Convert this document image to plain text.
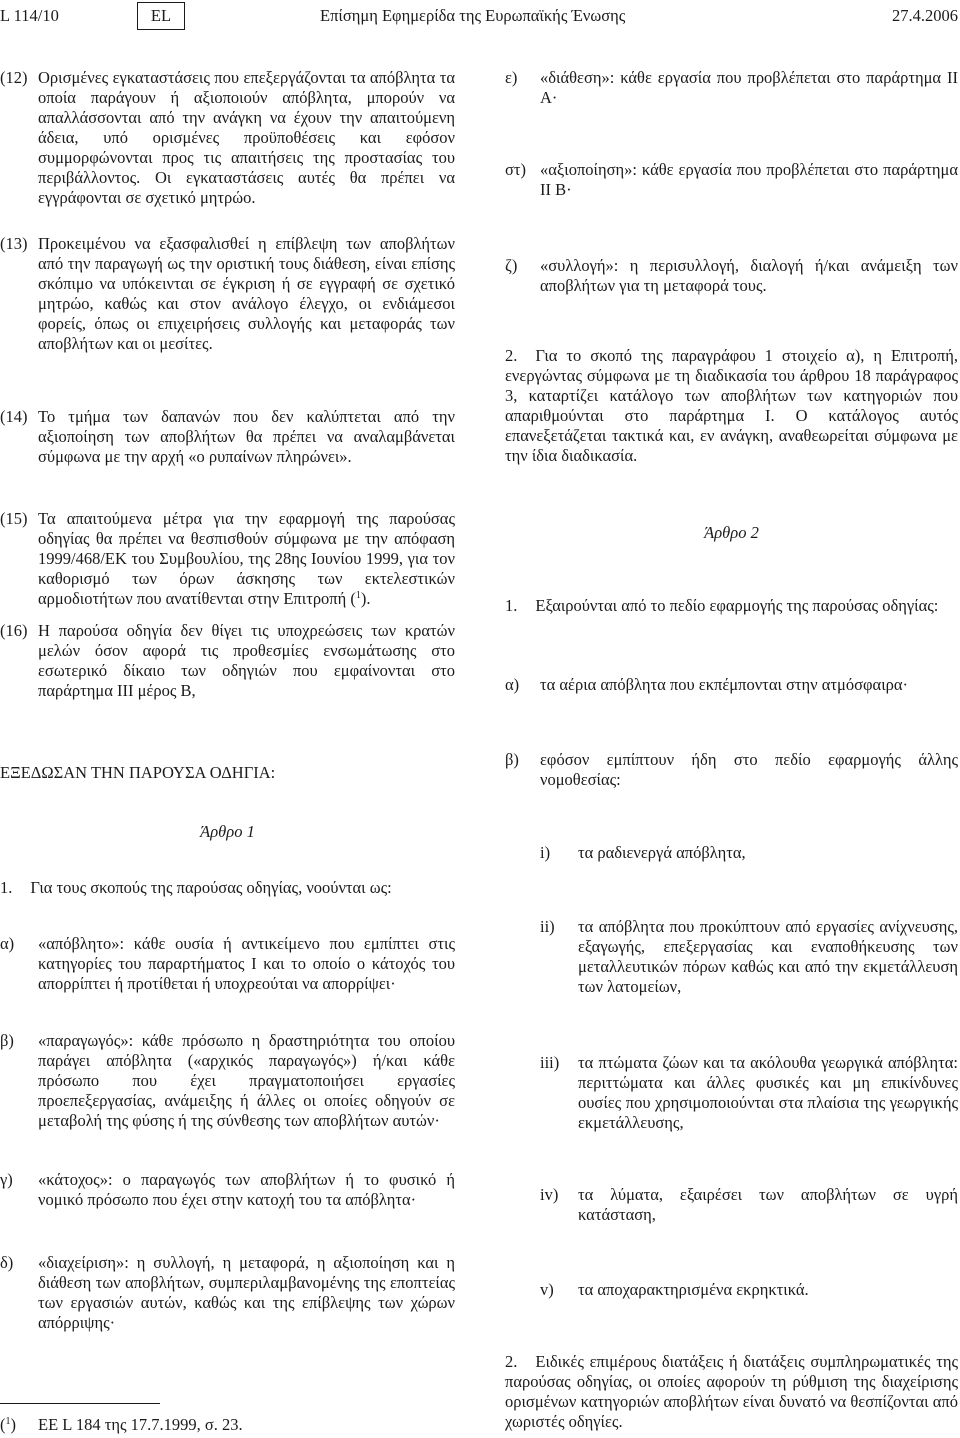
L 114/10	EL	Επίσημη Εφημερίδα της Ευρωπαϊκής Ένωσης	27.4.2006
(12) Ορισμένες εγκαταστάσεις που επεξεργάζονται τα απόβλητα τα οποία παράγουν ή αξιοποιούν απόβλητα, μπορούν να απαλλάσσονται από την ανάγκη να έχουν την απαιτούμενη άδεια, υπό ορισμένες προϋποθέσεις και εφόσον συμμορφώνονται προς τις απαιτήσεις της προστασίας του περιβάλλοντος. Οι εγκαταστάσεις αυτές θα πρέπει να εγγράφονται σε σχετικό μητρώο.
(13) Προκειμένου να εξασφαλισθεί η επίβλεψη των αποβλήτων από την παραγωγή ως την οριστική τους διάθεση, είναι επίσης σκόπιμο να υπόκεινται σε έγκριση ή σε εγγραφή σε σχετικό μητρώο, καθώς και στον ανάλογο έλεγχο, οι ενδιάμεσοι φορείς, όπως οι επιχειρήσεις συλλογής και μεταφοράς των αποβλήτων και οι μεσίτες.
(14) Το τμήμα των δαπανών που δεν καλύπτεται από την αξιοποίηση των αποβλήτων θα πρέπει να αναλαμβάνεται σύμφωνα με την αρχή «ο ρυπαίνων πληρώνει».
(15) Τα απαιτούμενα μέτρα για την εφαρμογή της παρούσας οδηγίας θα πρέπει να θεσπισθούν σύμφωνα με την απόφαση 1999/468/ΕΚ του Συμβουλίου, της 28ης Ιουνίου 1999, για τον καθορισμό των όρων άσκησης των εκτελεστικών αρμοδιοτήτων που ανατίθενται στην Επιτροπή ($^1$).
(16) Η παρούσα οδηγία δεν θίγει τις υποχρεώσεις των κρατών μελών όσον αφορά τις προθεσμίες ενσωμάτωσης στο εσωτερικό δίκαιο των οδηγιών που εμφαίνονται στο παράρτημα ΙΙΙ μέρος Β,
ΕΞΕΔΩΣΑΝ ΤΗΝ ΠΑΡΟΥΣΑ ΟΔΗΓΙΑ:
Άρθρο 1

1. Για τους σκοπούς της παρούσας οδηγίας, νοούνται ως:

α) «απόβλητο»: κάθε ουσία ή αντικείμενο που εμπίπτει στις κατηγορίες του παραρτήματος Ι και το οποίο ο κάτοχός του απορρίπτει ή προτίθεται ή υποχρεούται να απορρίψει·
β) «παραγωγός»: κάθε πρόσωπο η δραστηριότητα του οποίου παράγει απόβλητα («αρχικός παραγωγός») ή/και κάθε πρόσωπο που έχει πραγματοποιήσει εργασίες προεπεξεργασίας, ανάμειξης ή άλλες οι οποίες οδηγούν σε μεταβολή της φύσης ή της σύνθεσης των αποβλήτων αυτών·
γ) «κάτοχος»: ο παραγωγός των αποβλήτων ή το φυσικό ή νομικό πρόσωπο που έχει στην κατοχή του τα απόβλητα·
δ) «διαχείριση»: η συλλογή, η μεταφορά, η αξιοποίηση και η διάθεση των αποβλήτων, συμπεριλαμβανομένης της εποπτείας των εργασιών αυτών, καθώς και της επίβλεψης των χώρων απόρριψης·
($^1$) ΕΕ L 184 της 17.7.1999, σ. 23.
ε) «διάθεση»: κάθε εργασία που προβλέπεται στο παράρτημα ΙΙ Α·
στ) «αξιοποίηση»: κάθε εργασία που προβλέπεται στο παράρτημα ΙΙ Β·
ζ) «συλλογή»: η περισυλλογή, διαλογή ή/και ανάμειξη των αποβλήτων για τη μεταφορά τους.

2. Για το σκοπό της παραγράφου 1 στοιχείο α), η Επιτροπή, ενεργώντας σύμφωνα με τη διαδικασία του άρθρου 18 παράγραφος 3, καταρτίζει κατάλογο των αποβλήτων των κατηγοριών που απαριθμούνται στο παράρτημα Ι. Ο κατάλογος αυτός επανεξετάζεται τακτικά και, εν ανάγκη, αναθεωρείται σύμφωνα με την ίδια διαδικασία.

Άρθρο 2

1. Εξαιρούνται από το πεδίο εφαρμογής της παρούσας οδηγίας:

α) τα αέρια απόβλητα που εκπέμπονται στην ατμόσφαιρα·
β) εφόσον εμπίπτουν ήδη στο πεδίο εφαρμογής άλλης νομοθεσίας:
i) τα ραδιενεργά απόβλητα,
ii) τα απόβλητα που προκύπτουν από εργασίες ανίχνευσης, εξαγωγής, επεξεργασίας και εναποθήκευσης των μεταλλευτικών πόρων καθώς και από την εκμετάλλευση των λατομείων,
iii) τα πτώματα ζώων και τα ακόλουθα γεωργικά απόβλητα: περιττώματα και άλλες φυσικές και μη επικίνδυνες ουσίες που χρησιμοποιούνται στα πλαίσια της γεωργικής εκμετάλλευσης,
iv) τα λύματα, εξαιρέσει των αποβλήτων σε υγρή κατάσταση,
v) τα αποχαρακτηρισμένα εκρηκτικά.

2. Ειδικές επιμέρους διατάξεις ή διατάξεις συμπληρωματικές της παρούσας οδηγίας, οι οποίες αφορούν τη ρύθμιση της διαχείρισης ορισμένων κατηγοριών αποβλήτων είναι δυνατό να θεσπίζονται από χωριστές οδηγίες.
